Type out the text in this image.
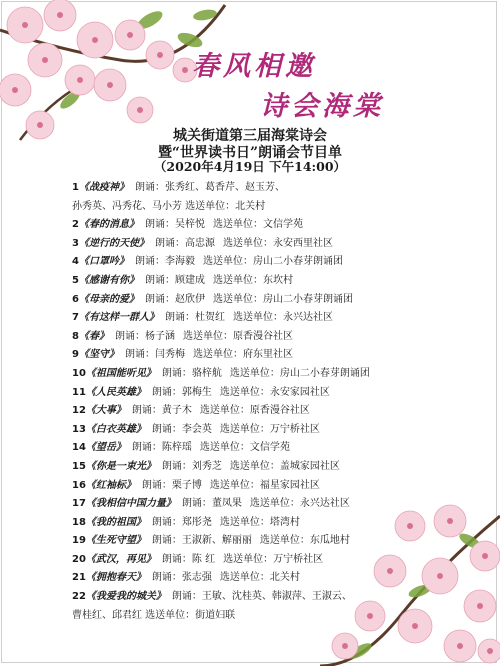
春风相邀
诗会海棠
城关街道第三届海棠诗会
暨“世界读书日”朗诵会节目单
（2020年4月19日 下午14:00）
1《战疫神》 朗诵：张秀红、葛香芹、赵玉芳、
孙秀英、冯秀花、马小芳 选送单位：北关村
2《春的消息》 朗诵：吴梓悦 选送单位：文信学苑
3《逆行的天使》 朗诵：高忠源 选送单位：永安西里社区
4《口罩吟》 朗诵：李海毅 选送单位：房山二小春芽朗诵团
5《感谢有你》 朗诵：顾建成 选送单位：东坎村
6《母亲的爱》 朗诵：赵欣伊 选送单位：房山二小春芽朗诵团
7《有这样一群人》 朗诵：杜贺红 选送单位：永兴达社区
8《春》 朗诵：杨子涵 选送单位：原香漫谷社区
9《坚守》 朗诵：闫秀梅 选送单位：府东里社区
10《祖国能听见》 朗诵：骆梓航 选送单位：房山二小春芽朗诵团
11《人民英雄》 朗诵：郭梅生 选送单位：永安家园社区
12《大事》 朗诵：黄子木 选送单位：原香漫谷社区
13《白衣英雄》 朗诵：李会英 选送单位：万宁桥社区
14《望岳》 朗诵：陈梓瑶 选送单位：文信学苑
15《你是一束光》 朗诵：刘秀芝 选送单位：盖城家园社区
16《红袖标》 朗诵：栗子博 选送单位：福星家园社区
17《我相信中国力量》 朗诵：董凤果 选送单位：永兴达社区
18《我的祖国》 朗诵：郑彤尧 选送单位：塔湾村
19《生死守望》 朗诵：王淑新、解丽丽 选送单位：东瓜地村
20《武汉，再见》 朗诵：陈 红 选送单位：万宁桥社区
21《拥抱春天》 朗诵：张志强 选送单位：北关村
22《我爱我的城关》 朗诵：王敏、沈桂英、韩淑萍、王淑云、
曹桂红、邱君红 选送单位：街道妇联
